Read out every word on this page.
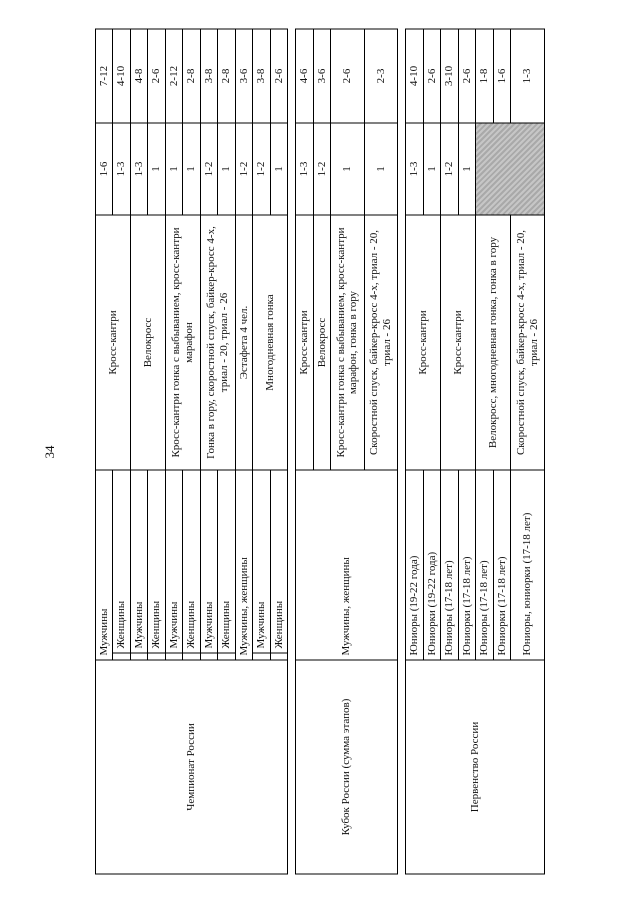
34
Чемпионат России	Мужчины	Кросс-кантри	1-6	7-12

Женщины		1-3	4-10

Мужчины	Велокросс	1-3	4-8

Женщины		1	2-6

Мужчины	Кросс-кантри гонка с выбыванием, кросс-кантри марафон	1	2-12

Женщины		1	2-8

Мужчины	Гонка в гору, скоростной спуск, байкер-кросс 4-х, триал - 20, триал - 26	1-2	3-8

Женщины		1	2-8
	Мужчины, женщины	Эстафета 4 чел.	1-2	3-6

Мужчины	Многодневная гонка	1-2	3-8

Женщины		1	2-6

Кубок России (сумма этапов)	Мужчины, женщины	Кросс-кантри	1-3	4-6
		Велокросс	1-2	3-6
		Кросс-кантри гонка с выбыванием, кросс-кантри марафон, гонка в гору	1	2-6
		Скоростной спуск, байкер-кросс 4-х, триал - 20, триал - 26	1	2-3

Первенство России	Юниоры (19-22 года)	Кросс-кантри	1-3	4-10
	Юниорки (19-22 года)		1	2-6
	Юниоры (17-18 лет)	Кросс-кантри	1-2	3-10
	Юниорки (17-18 лет)		1	2-6
	Юниоры (17-18 лет)	Велокросс, многодневная гонка, гонка в гору		1-8
	Юниорки (17-18 лет)			1-6
	Юниоры, юниорки (17-18 лет)	Скоростной спуск, байкер-кросс 4-х, триал - 20, триал - 26		1-3
